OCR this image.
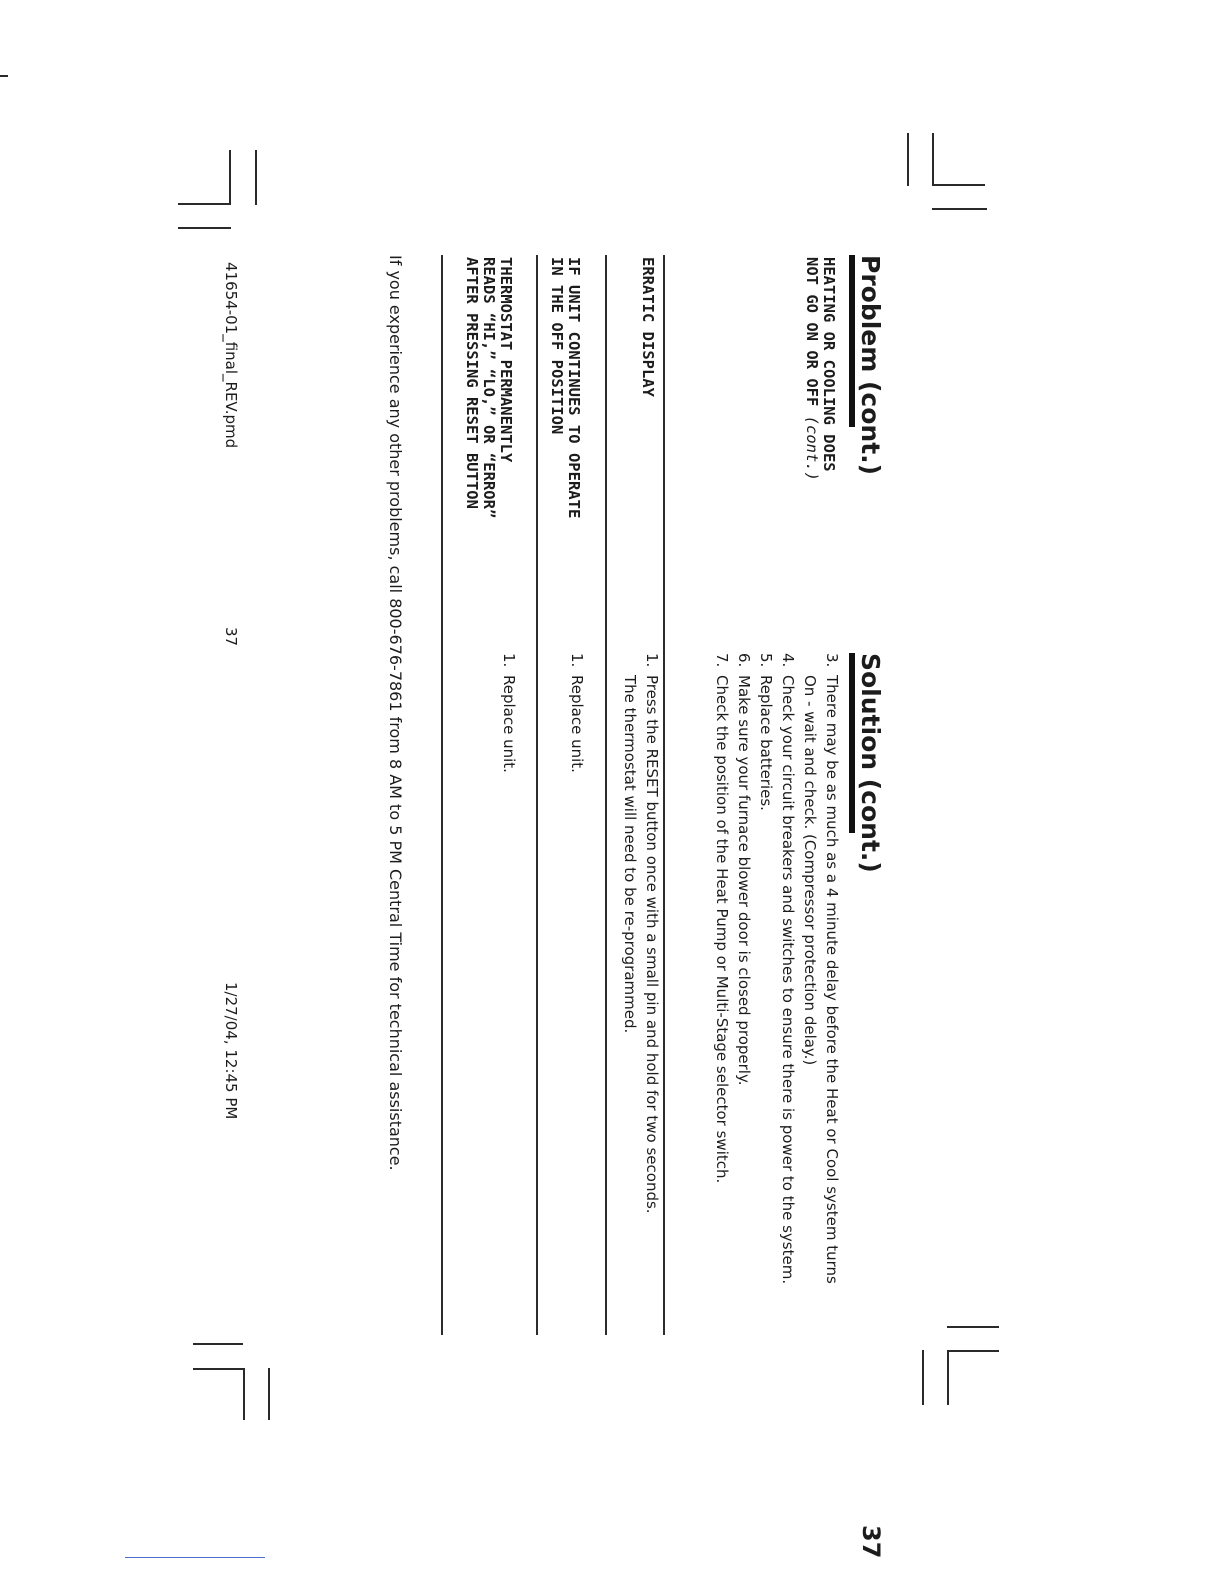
Problem (cont.)
Solution (cont.)
37
HEATING OR COOLING DOES
NOT GO ON OR OFF (cont.)
3.
There may be as much as a 4 minute delay before the Heat or Cool system turns
On - wait and check. (Compressor protection delay.)
4.
Check your circuit breakers and switches to ensure there is power to the system.
5.
Replace batteries.
6.
Make sure your furnace blower door is closed properly.
7.
Check the position of the Heat Pump or Multi-Stage selector switch.
ERRATIC DISPLAY
1.
Press the RESET button once with a small pin and hold for two seconds.
The thermostat will need to be re-programmed.
IF UNIT CONTINUES TO OPERATE
IN THE OFF POSITION
1.
Replace unit.
THERMOSTAT PERMANENTLY
READS “HI,” “LO,” OR “ERROR”
AFTER PRESSING RESET BUTTON
1.
Replace unit.
If you experience any other problems, call 800-676-7861 from 8 AM to 5 PM Central Time for technical assistance.
41654-01_final_REV.pmd
37
1/27/04, 12:45 PM
